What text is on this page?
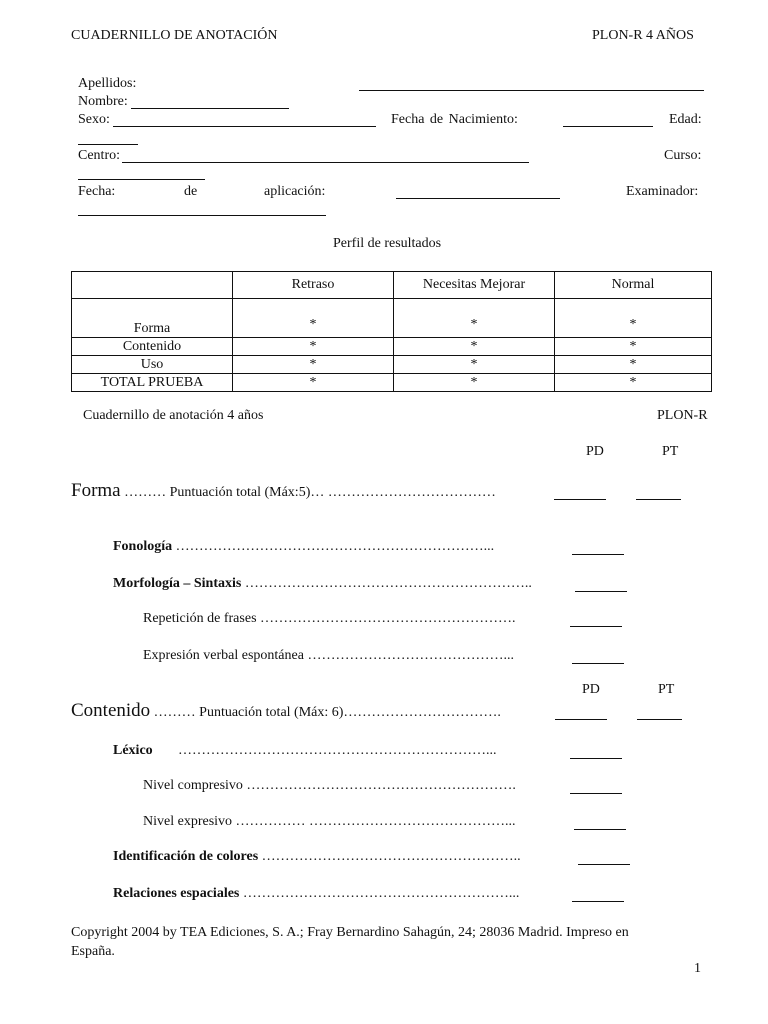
CUADERNILLO DE ANOTACIÓN	PLON-R 4 AÑOS
Apellidos:
Nombre:
Sexo:	Fecha de Nacimiento:	Edad:
Centro:	Curso:
Fecha:	de	aplicación:	Examinador:
Perfil de resultados
	Retraso	Necesitas Mejorar	Normal
Forma	*	*	*
Contenido	*	*	*
Uso	*	*	*
TOTAL PRUEBA	*	*	*
Cuadernillo de anotación 4 años	PLON-R
PD	PT
Forma ……… Puntuación total (Máx:5)… ………………………………
Fonología …………………………………………………………...
Morfología – Sintaxis ……………………………………………………..
Repetición de frases ……………………………………………….
Expresión verbal espontánea ……………………………………...
PD	PT
Contenido ……… Puntuación total (Máx: 6)…………………………….
Léxico …………………………………………………………...
Nivel compresivo ………………………………………………….
Nivel expresivo …………… ……………………………………...
Identificación de colores ………………………………………………..
Relaciones espaciales …………………………………………………...
Copyright 2004 by TEA Ediciones, S. A.; Fray Bernardino Sahagún, 24; 28036 Madrid. Impreso en
España.
1
